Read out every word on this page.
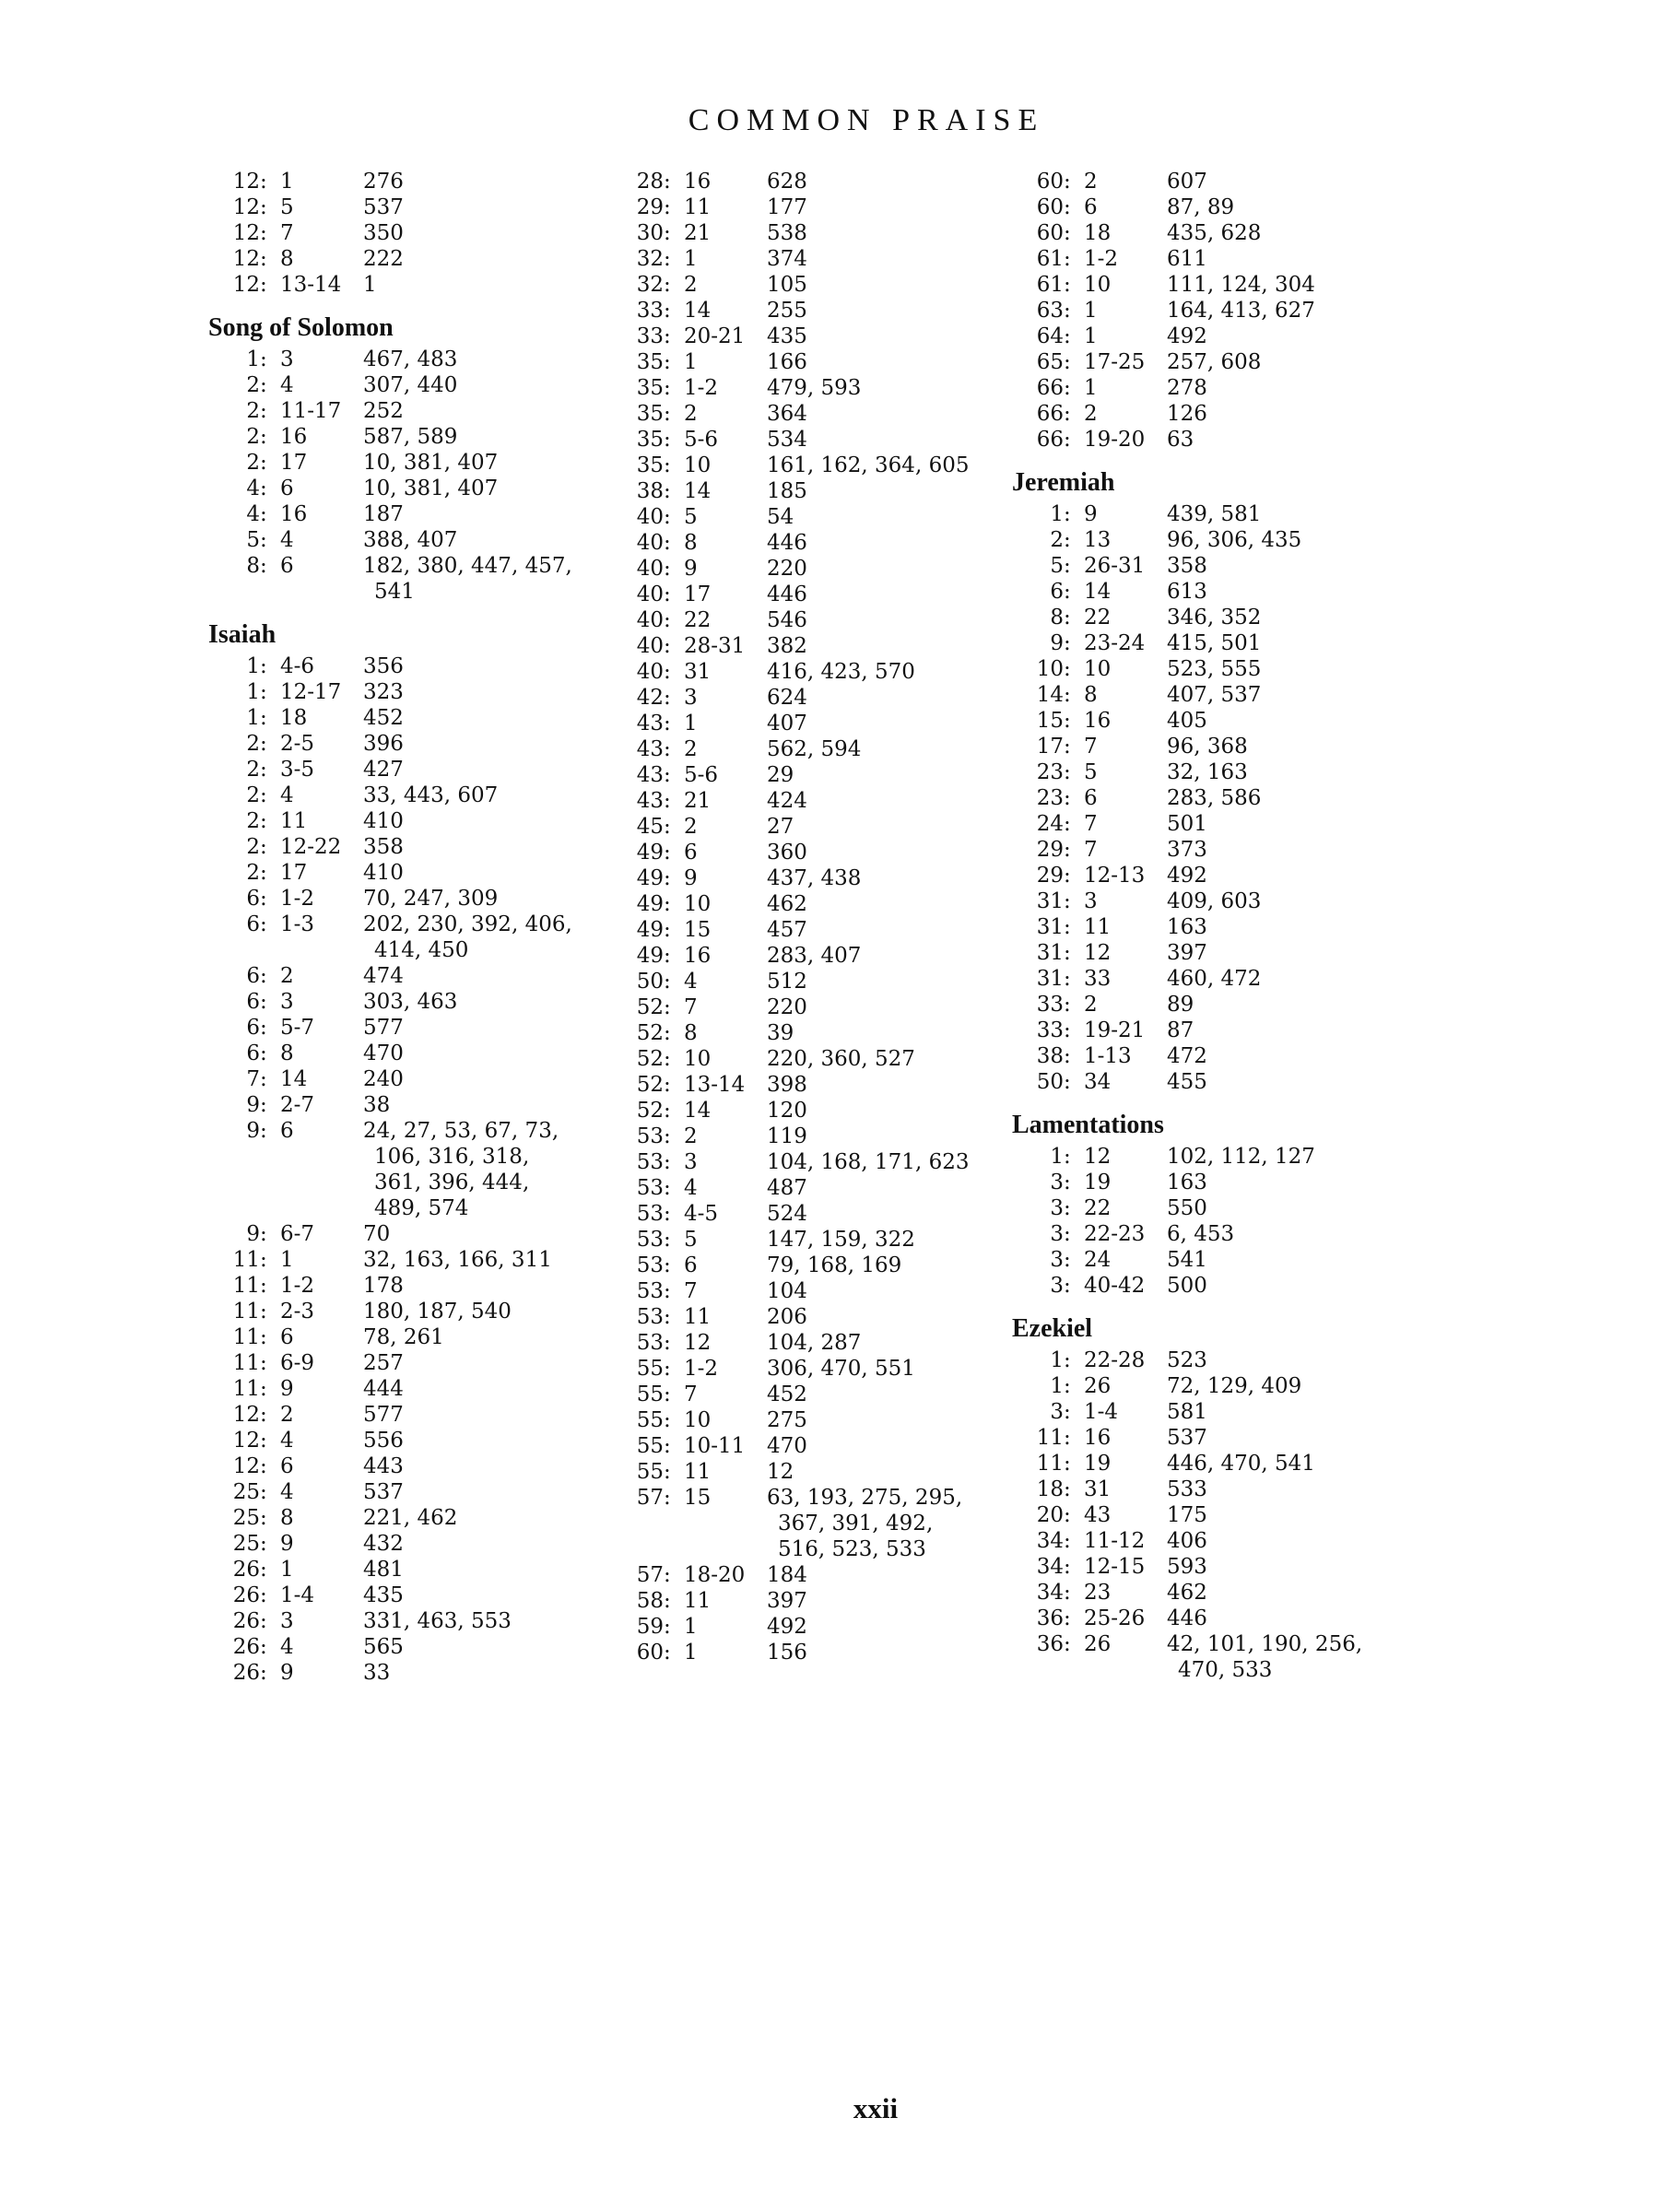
COMMON PRAISE
12 : 1	276
12 : 5	537
12 : 7	350
12 : 8	222
12 : 13-14	1
Song of Solomon
1 : 3	467, 483
2 : 4	307, 440
2 : 11-17	252
2 : 16	587, 589
2 : 17	10, 381, 407
4 : 6	10, 381, 407
4 : 16	187
5 : 4	388, 407
8 : 6	182, 380, 447, 457,
541
Isaiah
1 : 4-6	356
1 : 12-17	323
1 : 18	452
2 : 2-5	396
2 : 3-5	427
2 : 4	33, 443, 607
2 : 11	410
2 : 12-22	358
2 : 17	410
6 : 1-2	70, 247, 309
6 : 1-3	202, 230, 392, 406,
414, 450
6 : 2	474
6 : 3	303, 463
6 : 5-7	577
6 : 8	470
7 : 14	240
9 : 2-7	38
9 : 6	24, 27, 53, 67, 73,
106, 316, 318,
361, 396, 444,
489, 574
9 : 6-7	70
11 : 1	32, 163, 166, 311
11 : 1-2	178
11 : 2-3	180, 187, 540
11 : 6	78, 261
11 : 6-9	257
11 : 9	444
12 : 2	577
12 : 4	556
12 : 6	443
25 : 4	537
25 : 8	221, 462
25 : 9	432
26 : 1	481
26 : 1-4	435
26 : 3	331, 463, 553
26 : 4	565
26 : 9	33
28 : 16	628
29 : 11	177
30 : 21	538
32 : 1	374
32 : 2	105
33 : 14	255
33 : 20-21	435
35 : 1	166
35 : 1-2	479, 593
35 : 2	364
35 : 5-6	534
35 : 10	161, 162, 364, 605
38 : 14	185
40 : 5	54
40 : 8	446
40 : 9	220
40 : 17	446
40 : 22	546
40 : 28-31	382
40 : 31	416, 423, 570
42 : 3	624
43 : 1	407
43 : 2	562, 594
43 : 5-6	29
43 : 21	424
45 : 2	27
49 : 6	360
49 : 9	437, 438
49 : 10	462
49 : 15	457
49 : 16	283, 407
50 : 4	512
52 : 7	220
52 : 8	39
52 : 10	220, 360, 527
52 : 13-14	398
52 : 14	120
53 : 2	119
53 : 3	104, 168, 171, 623
53 : 4	487
53 : 4-5	524
53 : 5	147, 159, 322
53 : 6	79, 168, 169
53 : 7	104
53 : 11	206
53 : 12	104, 287
55 : 1-2	306, 470, 551
55 : 7	452
55 : 10	275
55 : 10-11	470
55 : 11	12
57 : 15	63, 193, 275, 295,
367, 391, 492,
516, 523, 533
57 : 18-20	184
58 : 11	397
59 : 1	492
60 : 1	156
60 : 2	607
60 : 6	87, 89
60 : 18	435, 628
61 : 1-2	611
61 : 10	111, 124, 304
63 : 1	164, 413, 627
64 : 1	492
65 : 17-25	257, 608
66 : 1	278
66 : 2	126
66 : 19-20	63
Jeremiah
1 : 9	439, 581
2 : 13	96, 306, 435
5 : 26-31	358
6 : 14	613
8 : 22	346, 352
9 : 23-24	415, 501
10 : 10	523, 555
14 : 8	407, 537
15 : 16	405
17 : 7	96, 368
23 : 5	32, 163
23 : 6	283, 586
24 : 7	501
29 : 7	373
29 : 12-13	492
31 : 3	409, 603
31 : 11	163
31 : 12	397
31 : 33	460, 472
33 : 2	89
33 : 19-21	87
38 : 1-13	472
50 : 34	455
Lamentations
1 : 12	102, 112, 127
3 : 19	163
3 : 22	550
3 : 22-23	6, 453
3 : 24	541
3 : 40-42	500
Ezekiel
1 : 22-28	523
1 : 26	72, 129, 409
3 : 1-4	581
11 : 16	537
11 : 19	446, 470, 541
18 : 31	533
20 : 43	175
34 : 11-12	406
34 : 12-15	593
34 : 23	462
36 : 25-26	446
36 : 26	42, 101, 190, 256,
470, 533
xxii
